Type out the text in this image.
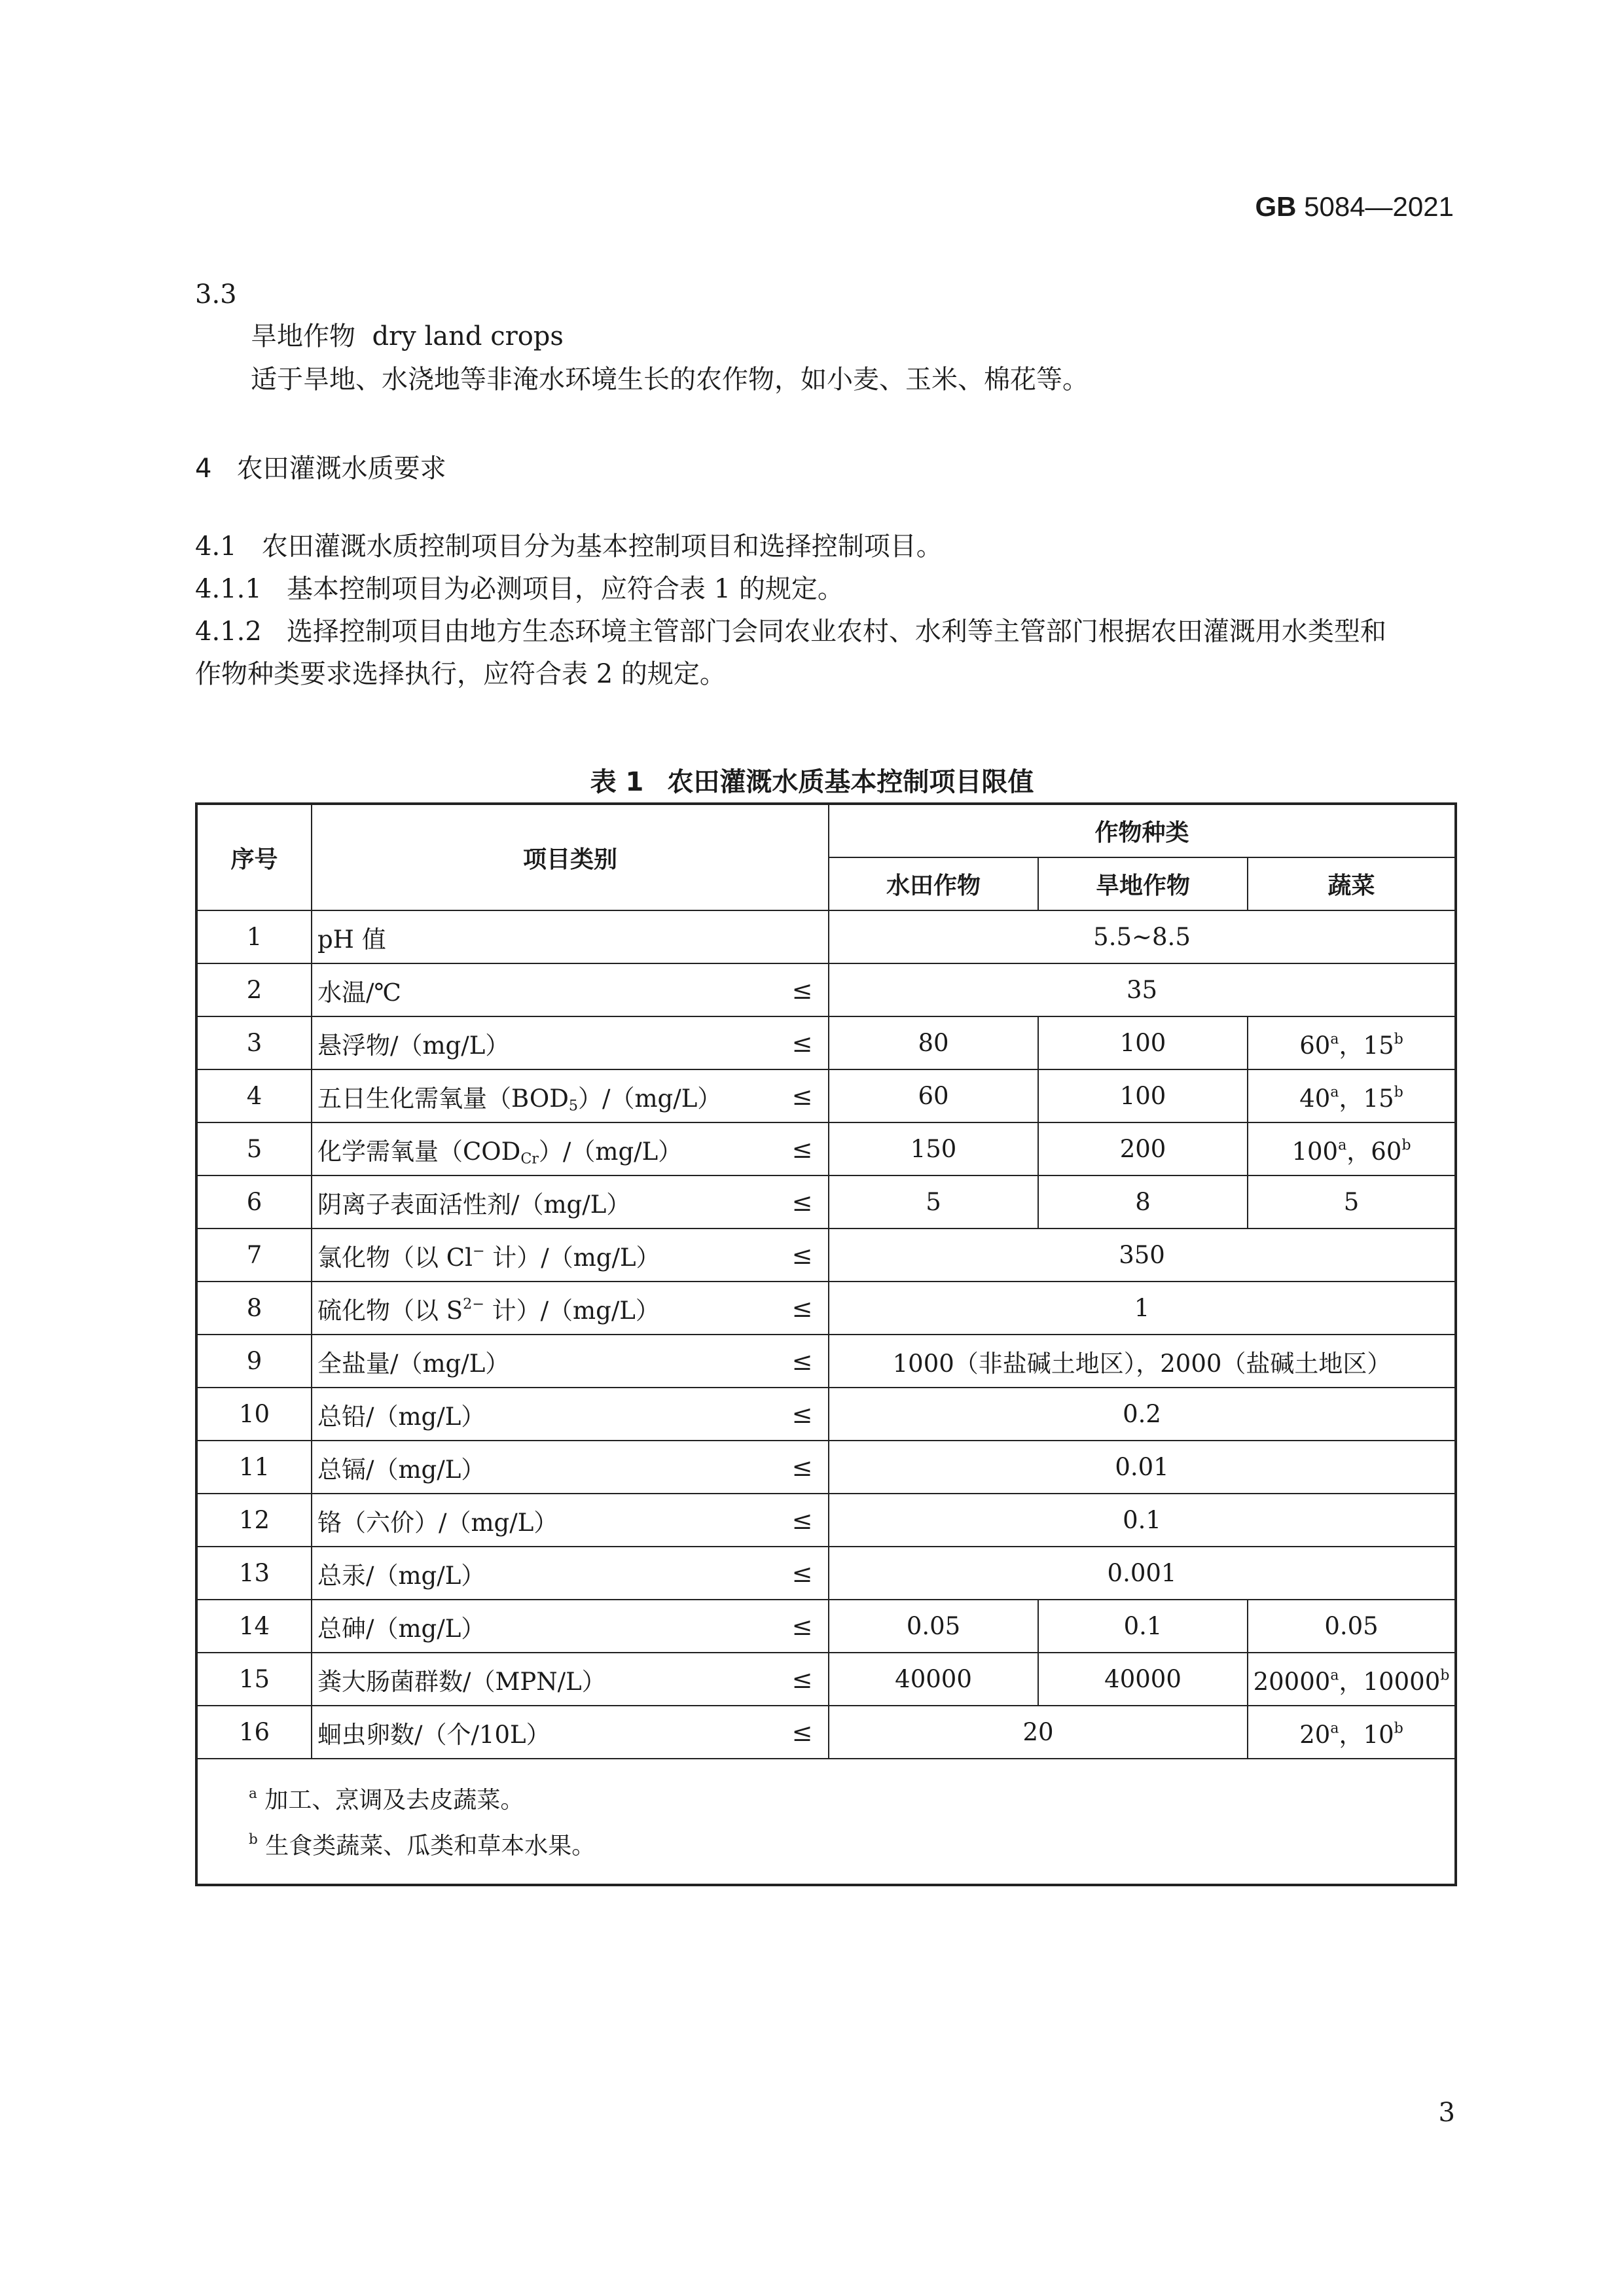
GB 5084—2021
3.3
旱地作物 dry land crops
适于旱地、水浇地等非淹水环境生长的农作物，如小麦、玉米、棉花等。
4 农田灌溉水质要求
4.1 农田灌溉水质控制项目分为基本控制项目和选择控制项目。
4.1.1 基本控制项目为必测项目，应符合表 1 的规定。
4.1.2 选择控制项目由地方生态环境主管部门会同农业农村、水利等主管部门根据农田灌溉用水类型和
作物种类要求选择执行，应符合表 2 的规定。
表 1 农田灌溉水质基本控制项目限值
序号	项目类别		作物种类		
			水田作物	旱地作物	蔬菜
1	pH 值		5.5~8.5		
2	水温/℃	≤	35		
3	悬浮物/（mg/L）	≤	80	100	60$^a$，15$^b$
4	五日生化需氧量$(BOD_5)/(mg/L)$	≤	60	100	40$^a$，15$^b$
5	化学需氧量$(COD_{Cr})/(mg/L)$	≤	150	200	100$^a$，60$^b$
6	阴离子表面活性剂/（mg/L）	≤	5	8	5
7	氯化物（以 Cl− 计）/（mg/L）	≤	350		
8	硫化物（以 $S^{2-}$ 计）/（mg/L）	≤	1		
9	全盐量/（mg/L）	≤	1000（非盐碱土地区），2000（盐碱土地区）		
10	总铅/（mg/L）	≤	0.2		
11	总镉/（mg/L）	≤	0.01		
12	铬（六价）/（mg/L）	≤	0.1		
13	总汞/（mg/L）	≤	0.001		
14	总砷/（mg/L）	≤	0.05	0.1	0.05
15	粪大肠菌群数/（MPN/L）	≤	40000	40000	20000$^a$，10000$^b$
16	蛔虫卵数/（个/10L）	≤	20		20$^a$，10$^b$

$^a$ 加工、烹调及去皮蔬菜。
$^b$ 生食类蔬菜、瓜类和草本水果。					
3
